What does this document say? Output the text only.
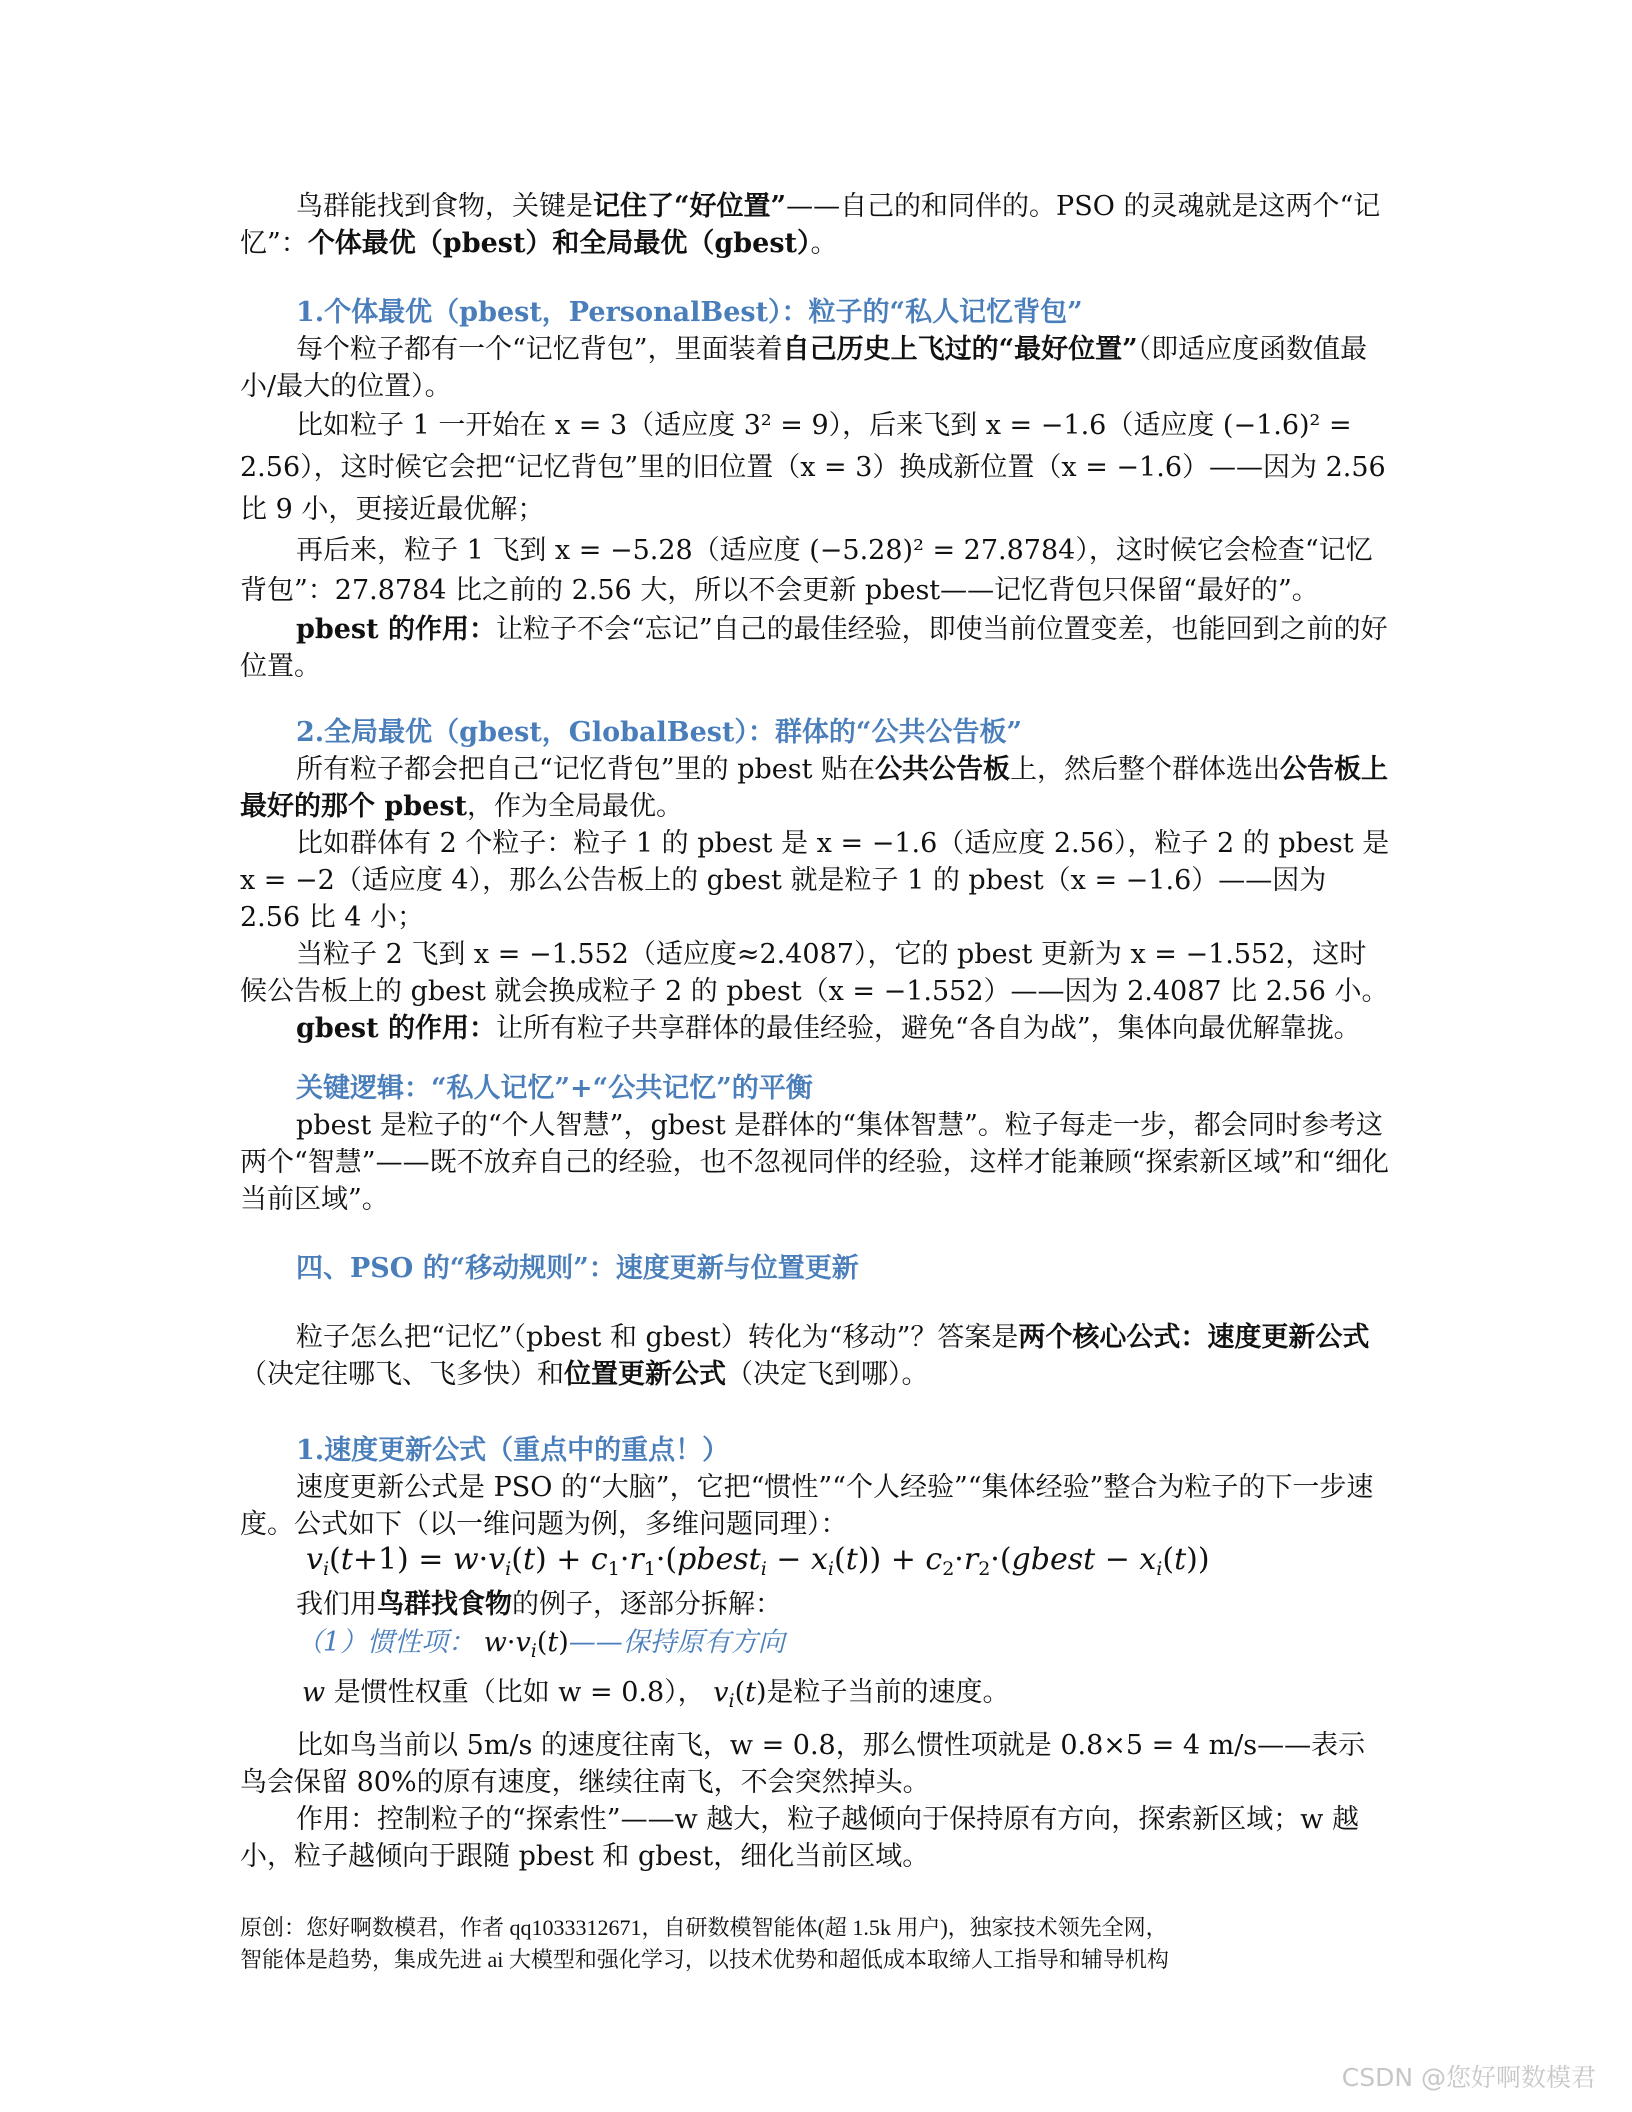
鸟群能找到食物，关键是记住了“好位置”——自己的和同伴的。PSO 的灵魂就是这两个“记忆”：个体最优（pbest）和全局最优（gbest）。

1.个体最优（pbest，PersonalBest）：粒子的“私人记忆背包”

每个粒子都有一个“记忆背包”，里面装着自己历史上飞过的“最好位置”（即适应度函数值最小/最大的位置）。

比如粒子 1 一开始在 x = 3（适应度 3² = 9），后来飞到 x = −1.6（适应度 (−1.6)² = 2.56），这时候它会把“记忆背包”里的旧位置（x = 3）换成新位置（x = −1.6）——因为 2.56 比 9 小，更接近最优解；

再后来，粒子 1 飞到 x = −5.28（适应度 (−5.28)² = 27.8784），这时候它会检查“记忆背包”：27.8784 比之前的 2.56 大，所以不会更新 pbest——记忆背包只保留“最好的”。

pbest 的作用：让粒子不会“忘记”自己的最佳经验，即使当前位置变差，也能回到之前的好位置。

2.全局最优（gbest，GlobalBest）：群体的“公共公告板”

所有粒子都会把自己“记忆背包”里的 pbest 贴在公共公告板上，然后整个群体选出公告板上最好的那个 pbest，作为全局最优。

比如群体有 2 个粒子：粒子 1 的 pbest 是 x = −1.6（适应度 2.56），粒子 2 的 pbest 是 x = −2（适应度 4），那么公告板上的 gbest 就是粒子 1 的 pbest（x = −1.6）——因为 2.56 比 4 小；

当粒子 2 飞到 x = −1.552（适应度≈2.4087），它的 pbest 更新为 x = −1.552，这时候公告板上的 gbest 就会换成粒子 2 的 pbest（x = −1.552）——因为 2.4087 比 2.56 小。

gbest 的作用：让所有粒子共享群体的最佳经验，避免“各自为战”，集体向最优解靠拢。

关键逻辑：“私人记忆”+“公共记忆”的平衡

pbest 是粒子的“个人智慧”，gbest 是群体的“集体智慧”。粒子每走一步，都会同时参考这两个“智慧”——既不放弃自己的经验，也不忽视同伴的经验，这样才能兼顾“探索新区域”和“细化当前区域”。

四、PSO 的“移动规则”：速度更新与位置更新

粒子怎么把“记忆”（pbest 和 gbest）转化为“移动”？答案是两个核心公式：速度更新公式（决定往哪飞、飞多快）和位置更新公式（决定飞到哪）。

1.速度更新公式（重点中的重点！）

速度更新公式是 PSO 的“大脑”，它把“惯性”“个人经验”“集体经验”整合为粒子的下一步速度。公式如下（以一维问题为例，多维问题同理）：

$v_i(t+1) = w\cdot v_i(t)$ + $c_1\cdot r_1\cdot(pbest_i - x_i(t))$ + $c_2\cdot r_2\cdot(gbest - x_i(t))$

我们用鸟群找食物的例子，逐部分拆解：

（1）惯性项： $w\cdot v_i(t)——$保持原有方向

w 是惯性权重（比如 w = 0.8）， $v_i(t)$是粒子当前的速度。

比如鸟当前以 5m/s 的速度往南飞，w = 0.8，那么惯性项就是 0.8×5 = 4 m/s——表示鸟会保留 80%的原有速度，继续往南飞，不会突然掉头。

作用：控制粒子的“探索性”——w 越大，粒子越倾向于保持原有方向，探索新区域；w 越小，粒子越倾向于跟随 pbest 和 gbest，细化当前区域。

原创：您好啊数模君，作者 qq1033312671，自研数模智能体(超 1.5k 用户)，独家技术领先全网，
智能体是趋势，集成先进 ai 大模型和强化学习，以技术优势和超低成本取缔人工指导和辅导机构
CSDN @您好啊数模君
